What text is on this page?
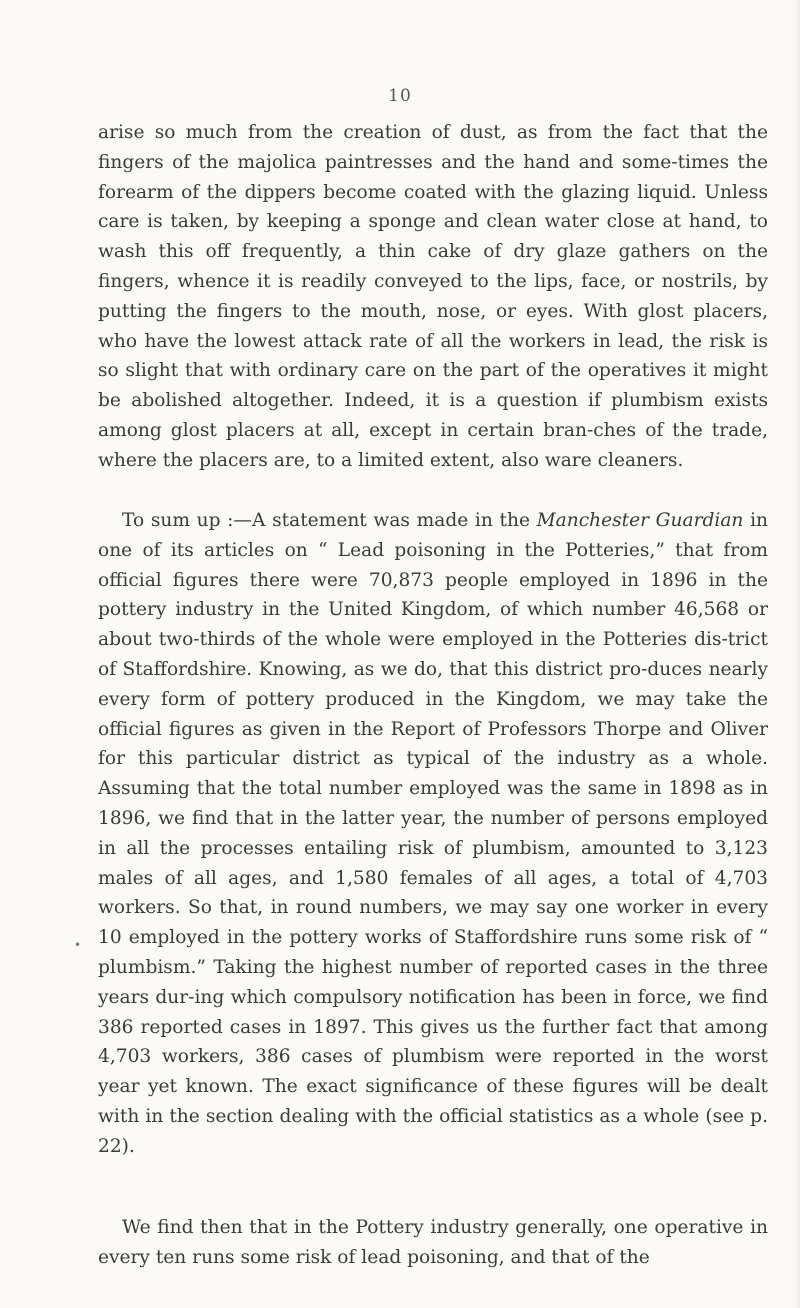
10

arise so much from the creation of dust, as from the fact that the fingers of the majolica paintresses and the hand and some-times the forearm of the dippers become coated with the glazing liquid. Unless care is taken, by keeping a sponge and clean water close at hand, to wash this off frequently, a thin cake of dry glaze gathers on the fingers, whence it is readily conveyed to the lips, face, or nostrils, by putting the fingers to the mouth, nose, or eyes. With glost placers, who have the lowest attack rate of all the workers in lead, the risk is so slight that with ordinary care on the part of the operatives it might be abolished altogether. Indeed, it is a question if plumbism exists among glost placers at all, except in certain bran-ches of the trade, where the placers are, to a limited extent, also ware cleaners.

To sum up :—A statement was made in the Manchester Guardian in one of its articles on “ Lead poisoning in the Potteries,” that from official figures there were 70,873 people employed in 1896 in the pottery industry in the United Kingdom, of which number 46,568 or about two-thirds of the whole were employed in the Potteries dis-trict of Staffordshire. Knowing, as we do, that this district pro-duces nearly every form of pottery produced in the Kingdom, we may take the official figures as given in the Report of Professors Thorpe and Oliver for this particular district as typical of the industry as a whole. Assuming that the total number employed was the same in 1898 as in 1896, we find that in the latter year, the number of persons employed in all the processes entailing risk of plumbism, amounted to 3,123 males of all ages, and 1,580 females of all ages, a total of 4,703 workers. So that, in round numbers, we may say one worker in every 10 employed in the pottery works of Staffordshire runs some risk of “ plumbism.” Taking the highest number of reported cases in the three years dur-ing which compulsory notification has been in force, we find 386 reported cases in 1897. This gives us the further fact that among 4,703 workers, 386 cases of plumbism were reported in the worst year yet known. The exact significance of these figures will be dealt with in the section dealing with the official statistics as a whole (see p. 22).

We find then that in the Pottery industry generally, one operative in every ten runs some risk of lead poisoning, and that of the

•
